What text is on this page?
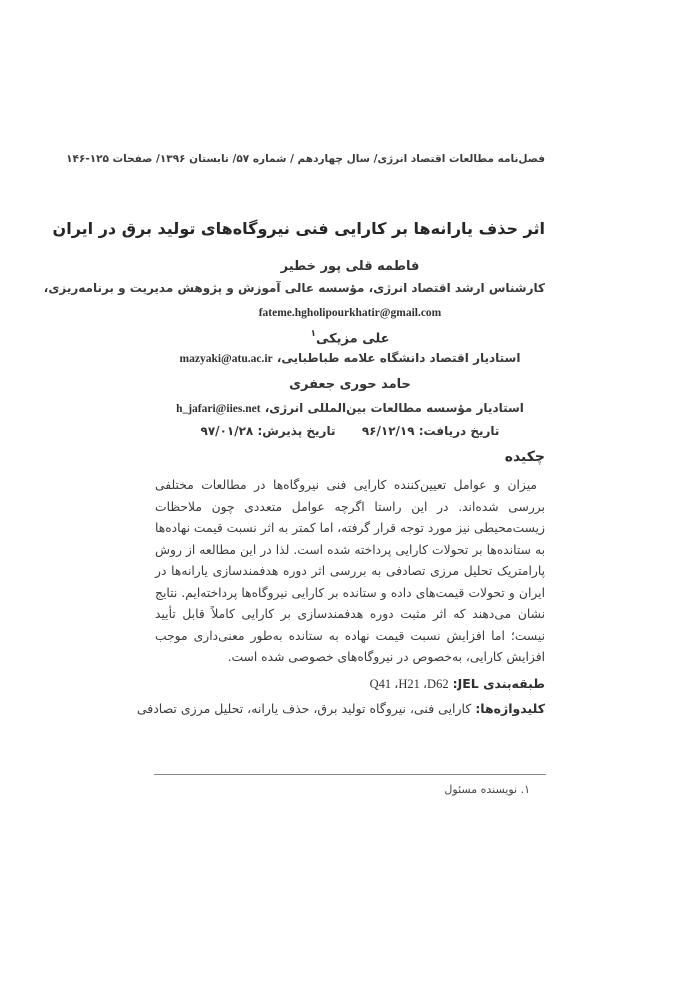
فصل‌نامه مطالعات اقتصاد انرژی/ سال چهاردهم / شماره ۵۷/ تابستان ۱۳۹۶/ صفحات ۱۲۵-۱۴۶
اثر حذف یارانه‌ها بر کارایی فنی نیروگاه‌های تولید برق در ایران
فاطمه قلی پور خطیر
کارشناس ارشد اقتصاد انرژی، مؤسسه عالی آموزش و پژوهش مدیریت و برنامه‌ریزی،
fateme.hgholipourkhatir@gmail.com
علی مزیکی$^۱$
استادیار اقتصاد دانشگاه علامه طباطبایی، mazyaki@atu.ac.ir
حامد حوری جعفری
استادیار مؤسسه مطالعات بین‌المللی انرژی، h_jafari@iies.net
تاریخ دریافت: ۹۶/۱۲/۱۹  تاریخ پذیرش: ۹۷/۰۱/۲۸
چکیده

میزان و عوامل تعیین‌کننده کارایی فنی نیروگاه‌ها در مطالعات مختلفی بررسی شده‌اند. در این راستا اگرچه عوامل متعددی چون ملاحظات زیست‌محیطی نیز مورد توجه قرار گرفته، اما کمتر به اثر نسبت قیمت نهاده‌ها به ستانده‌ها بر تحولات کارایی پرداخته شده است. لذا در این مطالعه از روش پارامتریک تحلیل مرزی تصادفی به بررسی اثر دوره هدفمندسازی یارانه‌ها در ایران و تحولات قیمت‌های داده و ستانده بر کارایی نیروگاه‌ها پرداخته‌ایم. نتایج نشان می‌دهند که اثر مثبت دوره هدفمندسازی بر کارایی کاملاً قابل تأیید نیست؛ اما افزایش نسبت قیمت نهاده به ستانده به‌طور معنی‌داری موجب افزایش کارایی، به‌خصوص در نیروگاه‌های خصوصی شده است.

طبقه‌بندی JEL‏: D62‏، H21‏، Q41
کلیدواژه‌ها: کارایی فنی، نیروگاه تولید برق، حذف یارانه، تحلیل مرزی تصادفی
۱. نویسنده مسئول
